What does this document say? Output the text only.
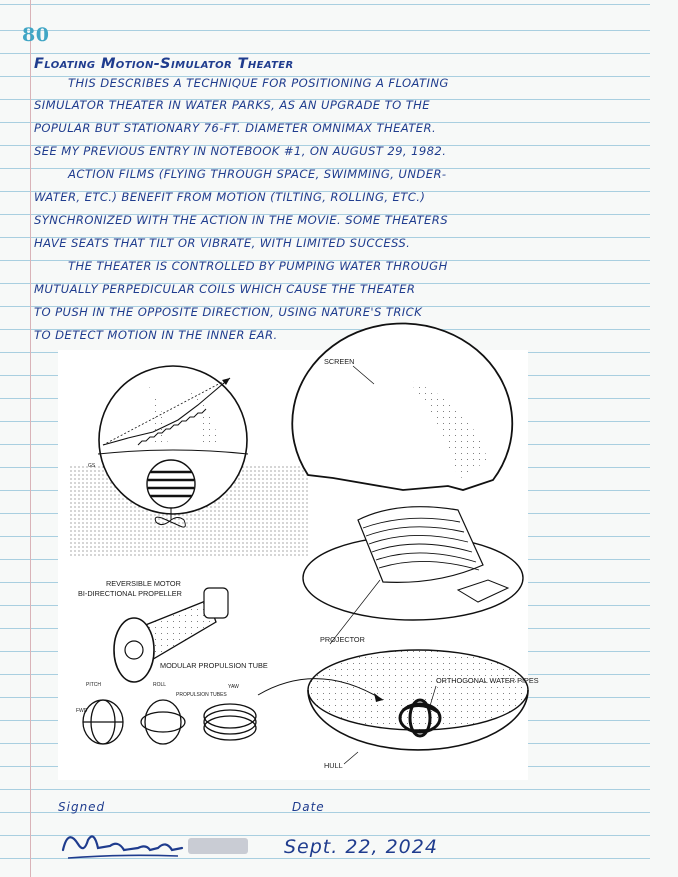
80
Floating Motion-Simulator Theater
THIS DESCRIBES A TECHNIQUE FOR POSITIONING A FLOATING
SIMULATOR THEATER IN WATER PARKS, AS AN UPGRADE TO THE
POPULAR BUT STATIONARY 76-FT. DIAMETER OMNIMAX THEATER.
SEE MY PREVIOUS ENTRY IN NOTEBOOK #1, ON AUGUST 29, 1982.
ACTION FILMS (FLYING THROUGH SPACE, SWIMMING, UNDER-
WATER, ETC.) BENEFIT FROM MOTION (TILTING, ROLLING, ETC.)
SYNCHRONIZED WITH THE ACTION IN THE MOVIE. SOME THEATERS
HAVE SEATS THAT TILT OR VIBRATE, WITH LIMITED SUCCESS.
THE THEATER IS CONTROLLED BY PUMPING WATER THROUGH
MUTUALLY PERPEDICULAR COILS WHICH CAUSE THE THEATER
TO PUSH IN THE OPPOSITE DIRECTION, USING NATURE'S TRICK
TO DETECT MOTION IN THE INNER EAR.
GS
SCREEN
PROJECTOR
ORTHOGONAL WATER PIPES
HULL
REVERSIBLE MOTOR
BI-DIRECTIONAL PROPELLER
MODULAR PROPULSION TUBE
FWD
PITCH	ROLL
PROPULSION TUBES
YAW
Signed	Date
Sept. 22, 2024
